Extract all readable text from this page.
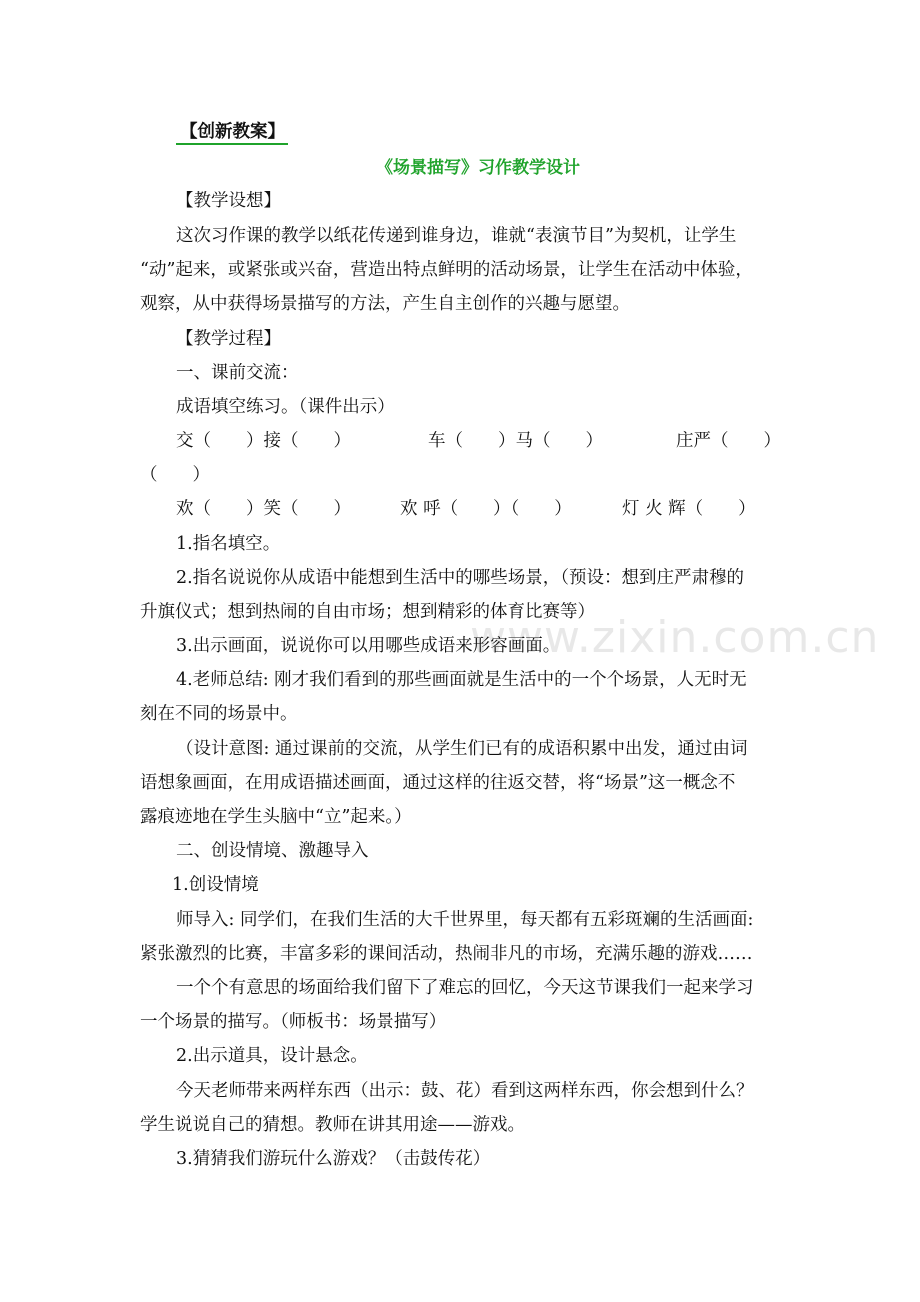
www.zixin.com.cn
【创新教案】
《场景描写》习作教学设计
【教学设想】
这次习作课的教学以纸花传递到谁身边，谁就“表演节目”为契机，让学生
“动”起来，或紧张或兴奋，营造出特点鲜明的活动场景，让学生在活动中体验，
观察，从中获得场景描写的方法，产生自主创作的兴趣与愿望。
【教学过程】
一、课前交流：
成语填空练习。（课件出示）
交（　　）接（　　）	车（　　）马（　　）	庄严（　　）
（　　）
欢（　　）笑（　　）	欢 呼（　　）（　　）	灯 火 辉（　　）
1.指名填空。
2.指名说说你从成语中能想到生活中的哪些场景，（预设：想到庄严肃穆的
升旗仪式；想到热闹的自由市场；想到精彩的体育比赛等）
3.出示画面，说说你可以用哪些成语来形容画面。
4.老师总结: 刚才我们看到的那些画面就是生活中的一个个场景，人无时无
刻在不同的场景中。
（设计意图: 通过课前的交流，从学生们已有的成语积累中出发，通过由词
语想象画面，在用成语描述画面，通过这样的往返交替，将“场景”这一概念不
露痕迹地在学生头脑中“立”起来。）
二、创设情境、激趣导入
1.创设情境
师导入: 同学们，在我们生活的大千世界里，每天都有五彩斑斓的生活画面:
紧张激烈的比赛，丰富多彩的课间活动，热闹非凡的市场，充满乐趣的游戏……
一个个有意思的场面给我们留下了难忘的回忆，今天这节课我们一起来学习
一个场景的描写。（师板书：场景描写）
2.出示道具，设计悬念。
今天老师带来两样东西（出示：鼓、花）看到这两样东西，你会想到什么？
学生说说自己的猜想。教师在讲其用途——游戏。
3.猜猜我们游玩什么游戏？（击鼓传花）
